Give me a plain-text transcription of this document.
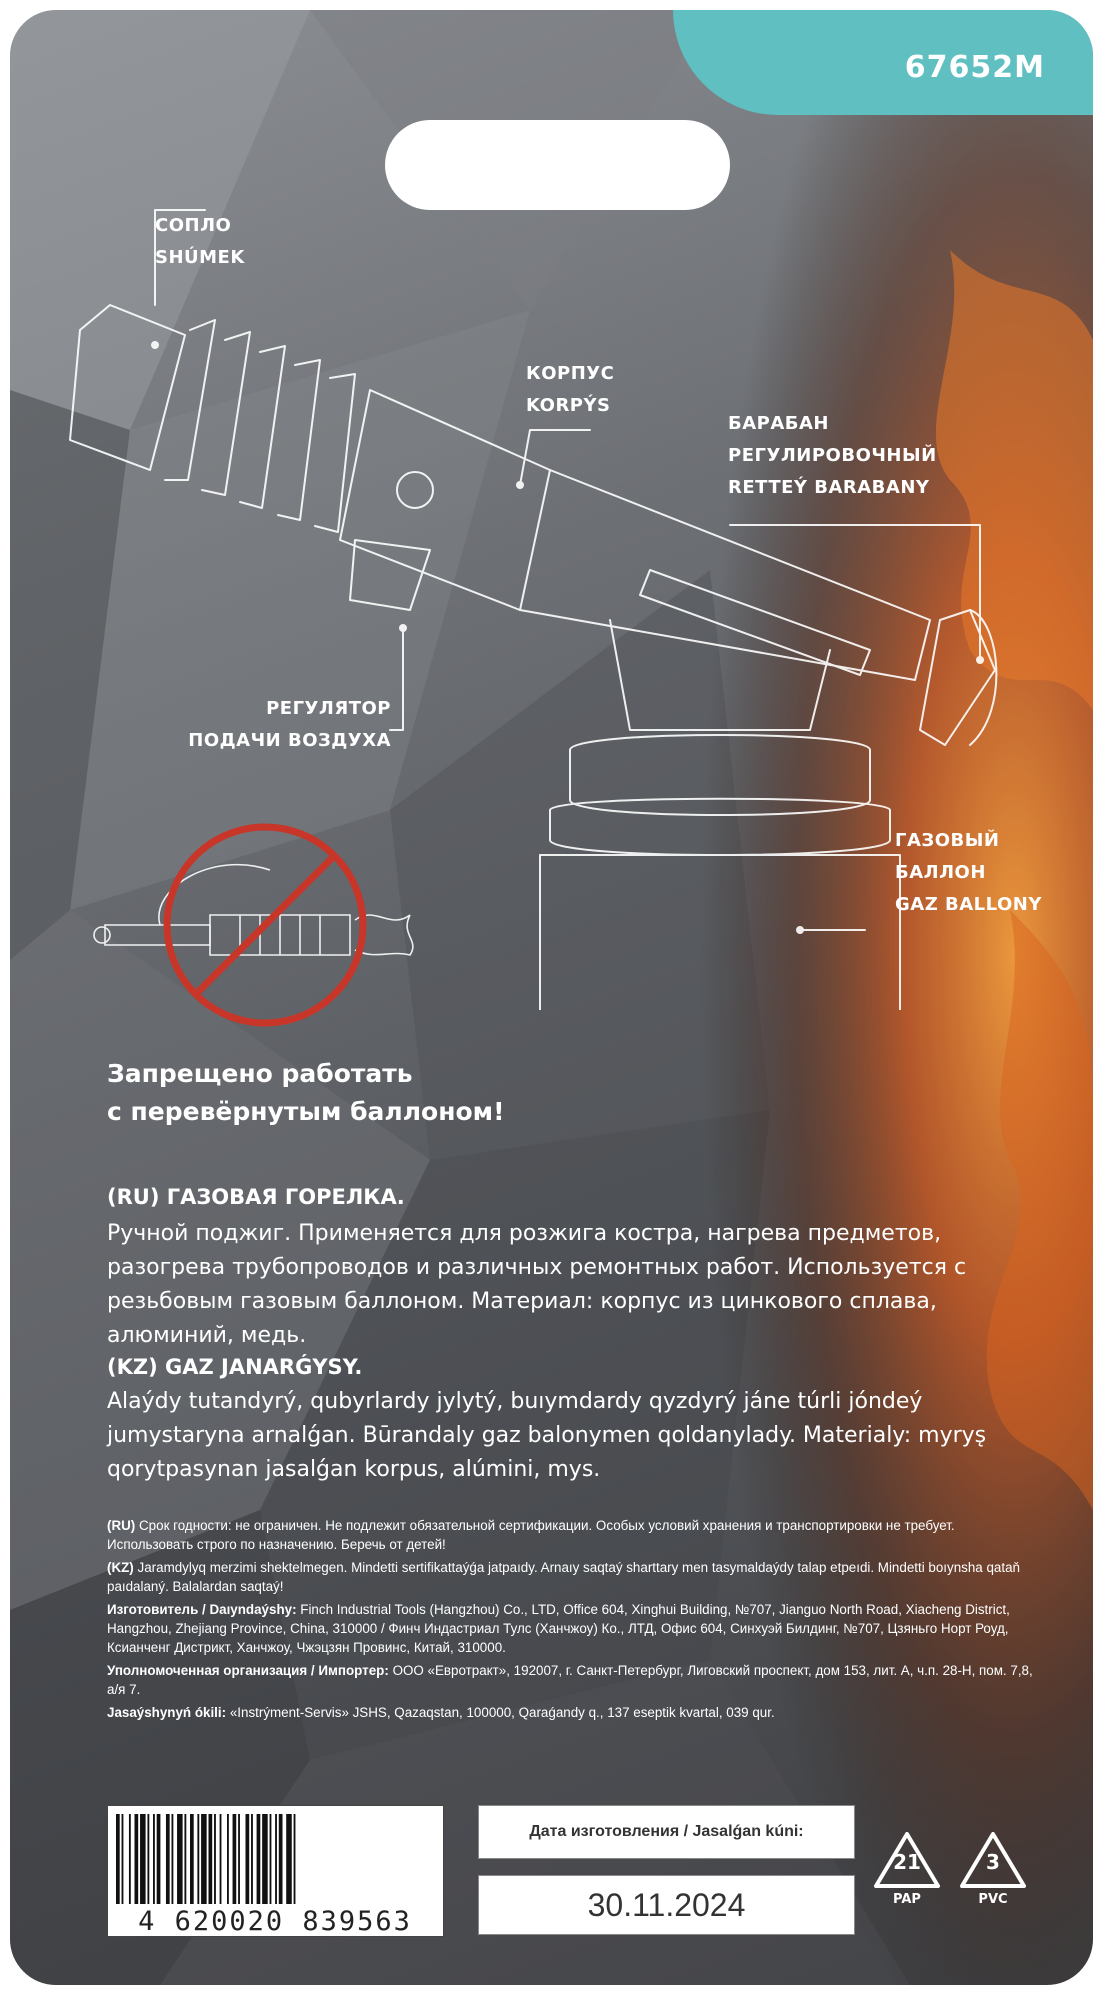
67652M
СОПЛО
SHÚMEK
КОРПУС
KORPÝS
БАРАБАН
РЕГУЛИРОВОЧНЫЙ
RETTEÝ BARABANY
РЕГУЛЯТОР
ПОДАЧИ ВОЗДУХА
ГАЗОВЫЙ
БАЛЛОН
GAZ BALLONY
Запрещено работать
с перевёрнутым баллоном!
(RU) ГАЗОВАЯ ГОРЕЛКА.
Ручной поджиг. Применяется для розжига костра, нагрева предметов, разогрева трубопроводов и различных ремонтных работ. Используется с резьбовым газовым баллоном. Материал: корпус из цинкового сплава, алюминий, медь.
(KZ) GAZ JANARǴYSY.
Alaýdy tutandyrý, qubyrlardy jylytý, buıymdardy qyzdyrý jáne túrli jóndeý jumystaryna arnalǵan. Būrandaly gaz balonymen qoldanylady. Materialy: myrys̨ qorytpasynan jasalǵan korpus, alúmini, mys.
(RU) Срок годности: не ограничен. Не подлежит обязательной сертификации. Особых условий хранения и транспортировки не требует. Использовать строго по назначению. Беречь от детей!
(KZ) Jaramdylyq merzimi shektelmegen. Mindetti sertifikattaýǵa jatpaıdy. Arnaıy saqtaý sharttary men tasymaldaýdy talap etpeıdi. Mindetti boıynsha qataň paıdalaný. Balalardan saqtaý!
Изготовитель / Daıyndaýshy: Finch Industrial Tools (Hangzhou) Co., LTD, Office 604, Xinghui Building, №707, Jianguo North Road, Xiacheng District, Hangzhou, Zhejiang Province, China, 310000 / Финч Индастриал Тулс (Ханчжоу) Ко., ЛТД, Офис 604, Синхуэй Билдинг, №707, Цзяньго Норт Роуд, Ксианченг Дистрикт, Ханчжоу, Чжэцзян Провинс, Китай, 310000.
Уполномоченная организация / Импортер: ООО «Евротракт», 192007, г. Санкт-Петербург, Лиговский проспект, дом 153, лит. А, ч.п. 28-Н, пом. 7,8, а/я 7.
Jasaýshynyń ókili: «Instrýment-Servis» JSHS, Qazaqstan, 100000, Qaraǵandy q., 137 eseptik kvartal, 039 qur.
4 620020 839563
Дата изготовления / Jasalǵan kúni:
30.11.2024
21
PAP
3
PVC
